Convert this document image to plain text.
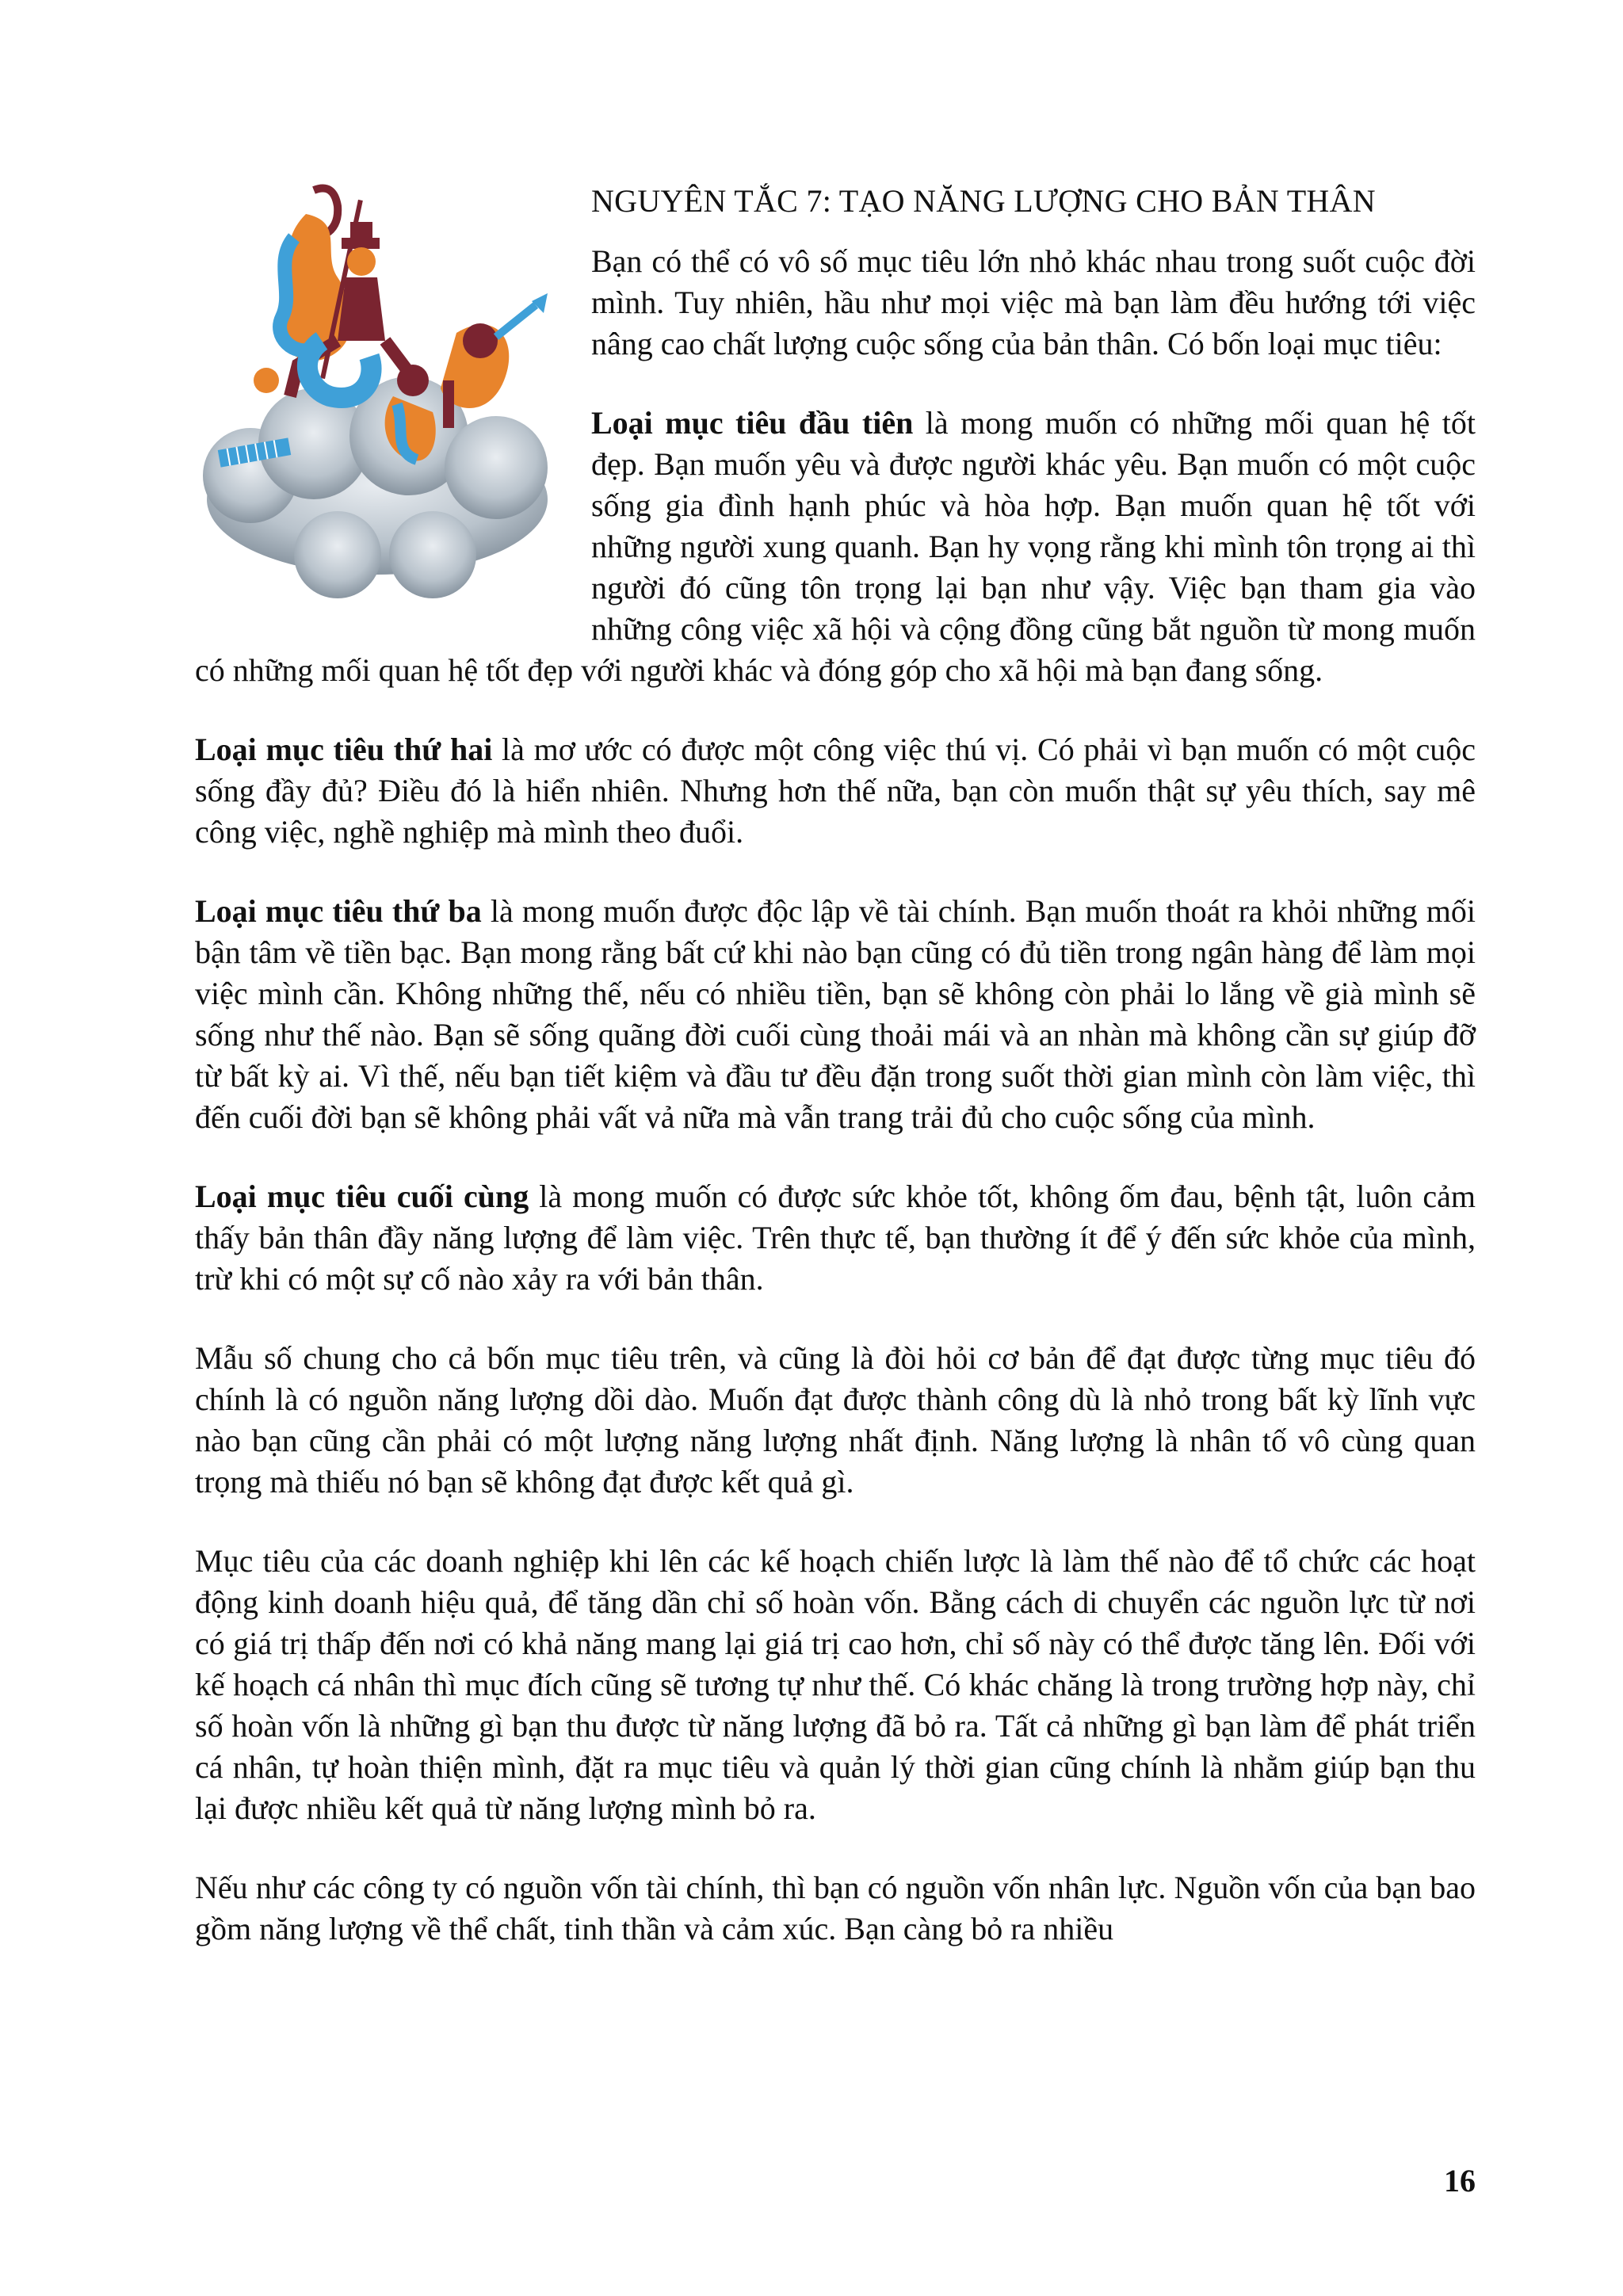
NGUYÊN TẮC 7: TẠO NĂNG LƯỢNG CHO BẢN THÂN

Bạn có thể có vô số mục tiêu lớn nhỏ khác nhau trong suốt cuộc đời mình. Tuy nhiên, hầu như mọi việc mà bạn làm đều hướng tới việc nâng cao chất lượng cuộc sống của bản thân. Có bốn loại mục tiêu:

Loại mục tiêu đầu tiên là mong muốn có những mối quan hệ tốt đẹp. Bạn muốn yêu và được người khác yêu. Bạn muốn có một cuộc sống gia đình hạnh phúc và hòa hợp. Bạn muốn quan hệ tốt với những người xung quanh. Bạn hy vọng rằng khi mình tôn trọng ai thì người đó cũng tôn trọng lại bạn như vậy. Việc bạn tham gia vào những công việc xã hội và cộng đồng cũng bắt nguồn từ mong muốn có những mối quan hệ tốt đẹp với người khác và đóng góp cho xã hội mà bạn đang sống.

Loại mục tiêu thứ hai là mơ ước có được một công việc thú vị. Có phải vì bạn muốn có một cuộc sống đầy đủ? Điều đó là hiển nhiên. Nhưng hơn thế nữa, bạn còn muốn thật sự yêu thích, say mê công việc, nghề nghiệp mà mình theo đuổi.

Loại mục tiêu thứ ba là mong muốn được độc lập về tài chính. Bạn muốn thoát ra khỏi những mối bận tâm về tiền bạc. Bạn mong rằng bất cứ khi nào bạn cũng có đủ tiền trong ngân hàng để làm mọi việc mình cần. Không những thế, nếu có nhiều tiền, bạn sẽ không còn phải lo lắng về già mình sẽ sống như thế nào. Bạn sẽ sống quãng đời cuối cùng thoải mái và an nhàn mà không cần sự giúp đỡ từ bất kỳ ai. Vì thế, nếu bạn tiết kiệm và đầu tư đều đặn trong suốt thời gian mình còn làm việc, thì đến cuối đời bạn sẽ không phải vất vả nữa mà vẫn trang trải đủ cho cuộc sống của mình.

Loại mục tiêu cuối cùng là mong muốn có được sức khỏe tốt, không ốm đau, bệnh tật, luôn cảm thấy bản thân đầy năng lượng để làm việc. Trên thực tế, bạn thường ít để ý đến sức khỏe của mình, trừ khi có một sự cố nào xảy ra với bản thân.

Mẫu số chung cho cả bốn mục tiêu trên, và cũng là đòi hỏi cơ bản để đạt được từng mục tiêu đó chính là có nguồn năng lượng dồi dào. Muốn đạt được thành công dù là nhỏ trong bất kỳ lĩnh vực nào bạn cũng cần phải có một lượng năng lượng nhất định. Năng lượng là nhân tố vô cùng quan trọng mà thiếu nó bạn sẽ không đạt được kết quả gì.

Mục tiêu của các doanh nghiệp khi lên các kế hoạch chiến lược là làm thế nào để tổ chức các hoạt động kinh doanh hiệu quả, để tăng dần chỉ số hoàn vốn. Bằng cách di chuyển các nguồn lực từ nơi có giá trị thấp đến nơi có khả năng mang lại giá trị cao hơn, chỉ số này có thể được tăng lên. Đối với kế hoạch cá nhân thì mục đích cũng sẽ tương tự như thế. Có khác chăng là trong trường hợp này, chỉ số hoàn vốn là những gì bạn thu được từ năng lượng đã bỏ ra. Tất cả những gì bạn làm để phát triển cá nhân, tự hoàn thiện mình, đặt ra mục tiêu và quản lý thời gian cũng chính là nhằm giúp bạn thu lại được nhiều kết quả từ năng lượng mình bỏ ra.

Nếu như các công ty có nguồn vốn tài chính, thì bạn có nguồn vốn nhân lực. Nguồn vốn của bạn bao gồm năng lượng về thể chất, tinh thần và cảm xúc. Bạn càng bỏ ra nhiều

16
